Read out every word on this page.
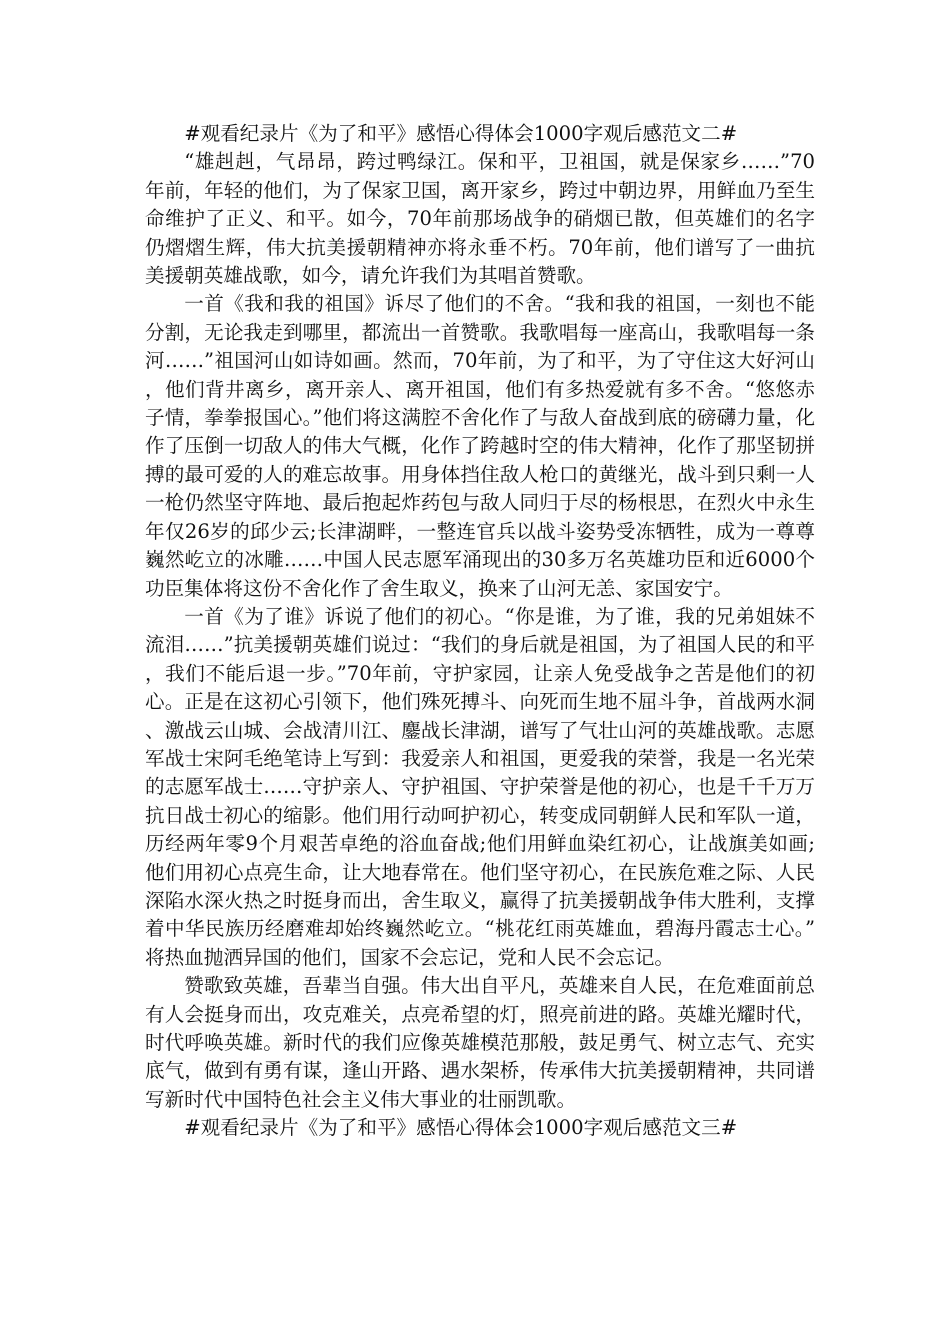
#观看纪录片《为了和平》感悟心得体会1000字观后感范文二#

“雄赳赳，气昂昂，跨过鸭绿江。保和平，卫祖国，就是保家乡……”70年前，年轻的他们，为了保家卫国，离开家乡，跨过中朝边界，用鲜血乃至生命维护了正义、和平。如今，70年前那场战争的硝烟已散，但英雄们的名字仍熠熠生辉，伟大抗美援朝精神亦将永垂不朽。70年前，他们谱写了一曲抗美援朝英雄战歌，如今，请允许我们为其唱首赞歌。

一首《我和我的祖国》诉尽了他们的不舍。“我和我的祖国，一刻也不能分割，无论我走到哪里，都流出一首赞歌。我歌唱每一座高山，我歌唱每一条河……”祖国河山如诗如画。然而，70年前，为了和平，为了守住这大好河山，他们背井离乡，离开亲人、离开祖国，他们有多热爱就有多不舍。“悠悠赤子情，拳拳报国心。”他们将这满腔不舍化作了与敌人奋战到底的磅礴力量，化作了压倒一切敌人的伟大气概，化作了跨越时空的伟大精神，化作了那坚韧拼搏的最可爱的人的难忘故事。用身体挡住敌人枪口的黄继光，战斗到只剩一人一枪仍然坚守阵地、最后抱起炸药包与敌人同归于尽的杨根思，在烈火中永生年仅26岁的邱少云;长津湖畔，一整连官兵以战斗姿势受冻牺牲，成为一尊尊巍然屹立的冰雕……中国人民志愿军涌现出的30多万名英雄功臣和近6000个功臣集体将这份不舍化作了舍生取义，换来了山河无恙、家国安宁。

一首《为了谁》诉说了他们的初心。“你是谁，为了谁，我的兄弟姐妹不流泪……”抗美援朝英雄们说过：“我们的身后就是祖国，为了祖国人民的和平，我们不能后退一步。”70年前，守护家园，让亲人免受战争之苦是他们的初心。正是在这初心引领下，他们殊死搏斗、向死而生地不屈斗争，首战两水洞、激战云山城、会战清川江、鏖战长津湖，谱写了气壮山河的英雄战歌。志愿军战士宋阿毛绝笔诗上写到：我爱亲人和祖国，更爱我的荣誉，我是一名光荣的志愿军战士……守护亲人、守护祖国、守护荣誉是他的初心，也是千千万万抗日战士初心的缩影。他们用行动呵护初心，转变成同朝鲜人民和军队一道，历经两年零9个月艰苦卓绝的浴血奋战;他们用鲜血染红初心，让战旗美如画;他们用初心点亮生命，让大地春常在。他们坚守初心，在民族危难之际、人民深陷水深火热之时挺身而出，舍生取义，赢得了抗美援朝战争伟大胜利，支撑着中华民族历经磨难却始终巍然屹立。“桃花红雨英雄血，碧海丹霞志士心。”将热血抛洒异国的他们，国家不会忘记，党和人民不会忘记。

赞歌致英雄，吾辈当自强。伟大出自平凡，英雄来自人民，在危难面前总有人会挺身而出，攻克难关，点亮希望的灯，照亮前进的路。英雄光耀时代，时代呼唤英雄。新时代的我们应像英雄模范那般，鼓足勇气、树立志气、充实底气，做到有勇有谋，逢山开路、遇水架桥，传承伟大抗美援朝精神，共同谱写新时代中国特色社会主义伟大事业的壮丽凯歌。

#观看纪录片《为了和平》感悟心得体会1000字观后感范文三#
